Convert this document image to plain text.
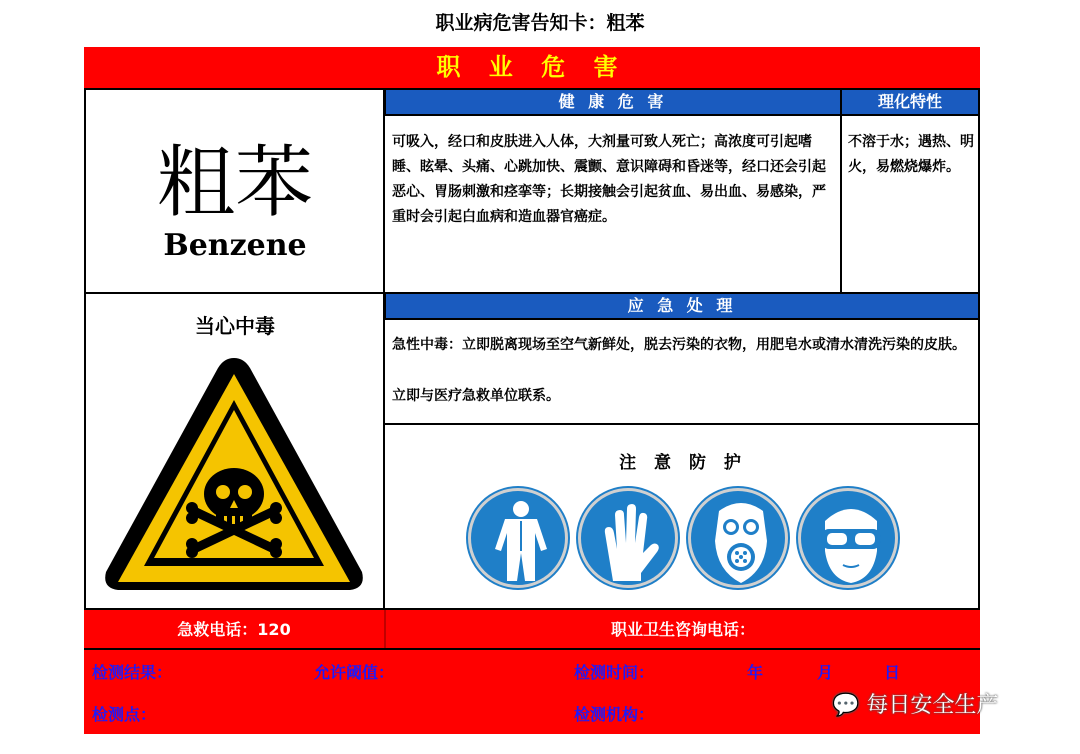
职业病危害告知卡：粗苯
职 业 危 害
粗苯
Benzene
健 康 危 害
可吸入，经口和皮肤进入人体，大剂量可致人死亡；高浓度可引起嗜睡、眩晕、头痛、心跳加快、震颤、意识障碍和昏迷等，经口还会引起恶心、胃肠刺激和痉挛等；长期接触会引起贫血、易出血、易感染，严重时会引起白血病和造血器官癌症。
理化特性
不溶于水；遇热、明火，易燃烧爆炸。
当心中毒
应 急 处 理
急性中毒：立即脱离现场至空气新鲜处，脱去污染的衣物，用肥皂水或清水清洗污染的皮肤。
立即与医疗急救单位联系。
注 意 防 护
急救电话：120	职业卫生咨询电话：
检测结果：	允许阈值：	检测时间：	年	月	日
检测点：	检测机构：	💬 每日安全生产
